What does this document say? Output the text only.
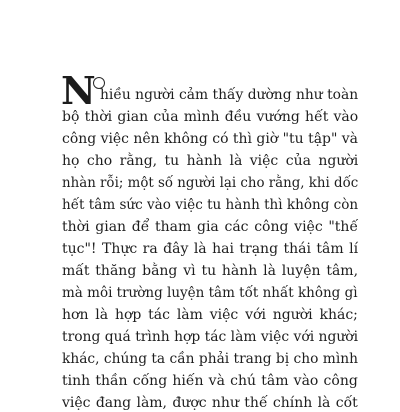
N hiều người cảm thấy dường như toàn
bộ thời gian của mình đều vướng hết vào
công việc nên không có thì giờ "tu tập" và
họ cho rằng, tu hành là việc của người
nhàn rỗi; một số người lại cho rằng, khi dốc
hết tâm sức vào việc tu hành thì không còn
thời gian để tham gia các công việc "thế
tục"! Thực ra đây là hai trạng thái tâm lí
mất thăng bằng vì tu hành là luyện tâm,
mà môi trường luyện tâm tốt nhất không gì
hơn là hợp tác làm việc với người khác;
trong quá trình hợp tác làm việc với người
khác, chúng ta cần phải trang bị cho mình
tinh thần cống hiến và chú tâm vào công
việc đang làm, được như thế chính là cốt
